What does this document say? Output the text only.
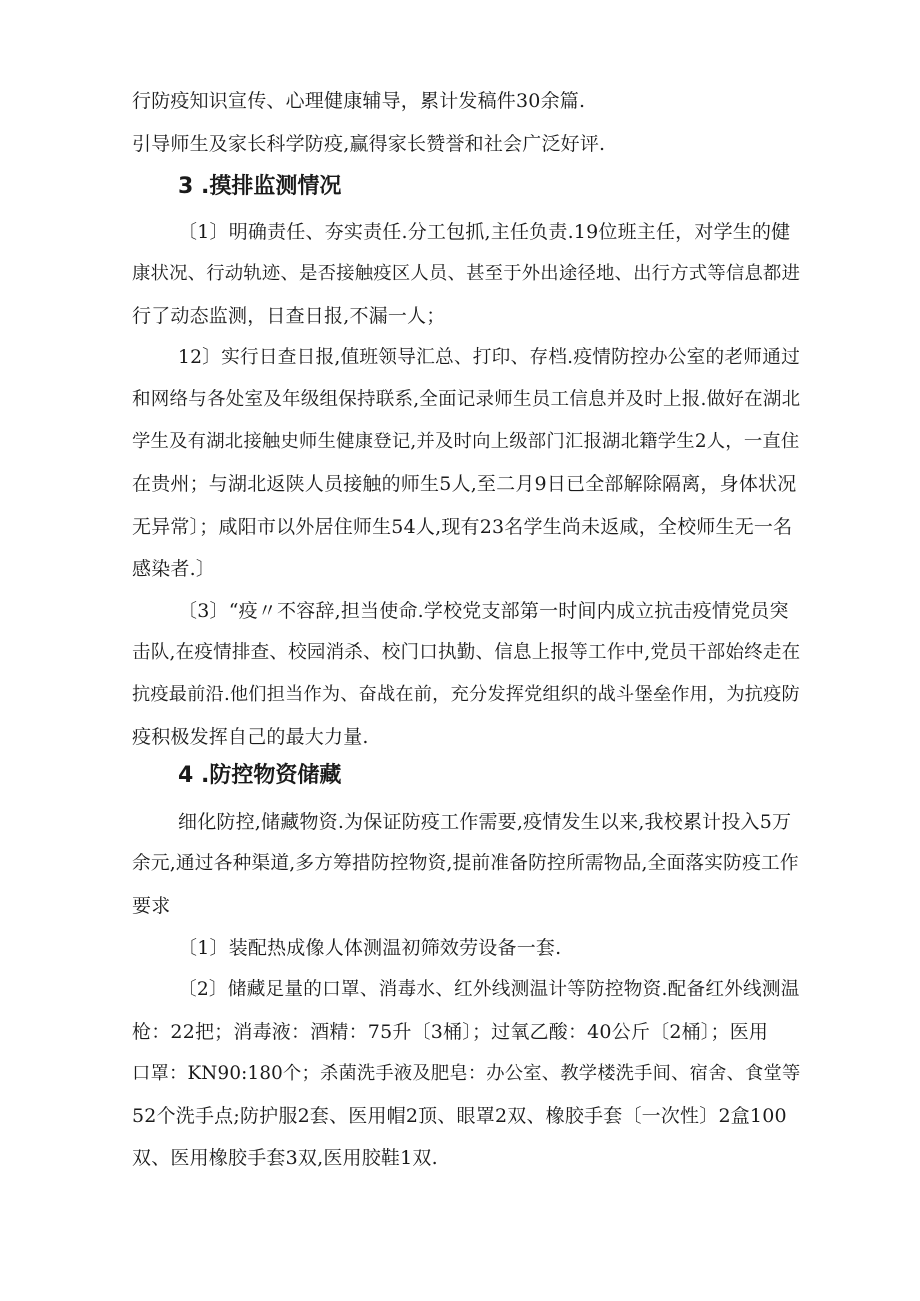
行防疫知识宣传、心理健康辅导，累计发稿件30余篇.
引导师生及家长科学防疫,赢得家长赞誉和社会广泛好评.
3 .摸排监测情况
〔1〕明确责任、夯实责任.分工包抓,主任负责.19位班主任，对学生的健
康状况、行动轨迹、是否接触疫区人员、甚至于外出途径地、出行方式等信息都进
行了动态监测，日查日报,不漏一人；
12〕实行日查日报,值班领导汇总、打印、存档.疫情防控办公室的老师通过
和网络与各处室及年级组保持联系,全面记录师生员工信息并及时上报.做好在湖北
学生及有湖北接触史师生健康登记,并及时向上级部门汇报湖北籍学生2人，一直住
在贵州；与湖北返陕人员接触的师生5人,至二月9日已全部解除隔离，身体状况
无异常〕；咸阳市以外居住师生54人,现有23名学生尚未返咸，全校师生无一名
感染者.〕
〔3〕“疫〃不容辞,担当使命.学校党支部第一时间内成立抗击疫情党员突
击队,在疫情排查、校园消杀、校门口执勤、信息上报等工作中,党员干部始终走在
抗疫最前沿.他们担当作为、奋战在前，充分发挥党组织的战斗堡垒作用，为抗疫防
疫积极发挥自己的最大力量.
4 .防控物资储藏
细化防控,储藏物资.为保证防疫工作需要,疫情发生以来,我校累计投入5万
余元,通过各种渠道,多方筹措防控物资,提前准备防控所需物品,全面落实防疫工作
要求
〔1〕装配热成像人体测温初筛效劳设备一套.
〔2〕储藏足量的口罩、消毒水、红外线测温计等防控物资.配备红外线测温
枪：22把；消毒液：酒精：75升〔3桶〕；过氧乙酸：40公斤〔2桶〕；医用
口罩：KN90:180个；杀菌洗手液及肥皂：办公室、教学楼洗手间、宿舍、食堂等
52个洗手点;防护服2套、医用帽2顶、眼罩2双、橡胶手套〔一次性〕2盒100
双、医用橡胶手套3双,医用胶鞋1双.
